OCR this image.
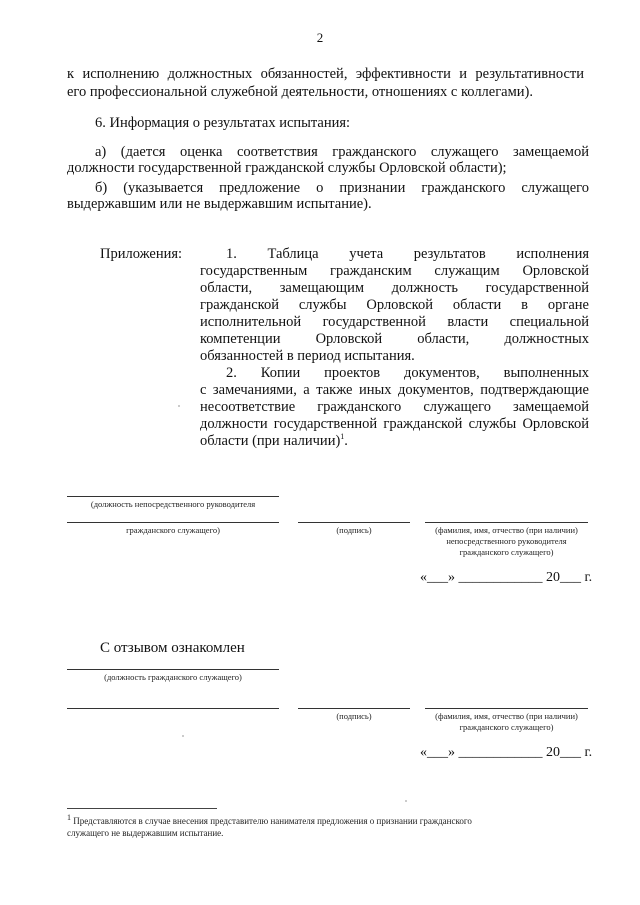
2
к исполнению должностных обязанностей, эффективности и результативности
его профессиональной служебной деятельности, отношениях с коллегами).
6. Информация о результатах испытания:
а) (дается оценка соответствия гражданского служащего замещаемой
должности государственной гражданской службы Орловской области);
б) (указывается предложение о признании гражданского служащего
выдержавшим или не выдержавшим испытание).
Приложения:	1. Таблица учета результатов исполнения
государственным гражданским служащим Орловской
области, замещающим должность государственной
гражданской службы Орловской области в органе
исполнительной государственной власти специальной
компетенции Орловской области, должностных
обязанностей в период испытания.
2. Копии проектов документов, выполненных
с замечаниями, а также иных документов, подтверждающие
несоответствие гражданского служащего замещаемой
должности государственной гражданской службы Орловской
области (при наличии)$^1$.
(должность непосредственного руководителя
гражданского служащего)	(подпись)	(фамилия, имя, отчество (при наличии)
непосредственного руководителя
гражданского служащего)
«___» ____________ 20___ г.
С отзывом ознакомлен
(должность гражданского служащего)
(подпись)	(фамилия, имя, отчество (при наличии)
гражданского служащего)
«___» ____________ 20___ г.
$^1$ Представляются в случае внесения представителю нанимателя предложения о признании гражданского
служащего не выдержавшим испытание.
